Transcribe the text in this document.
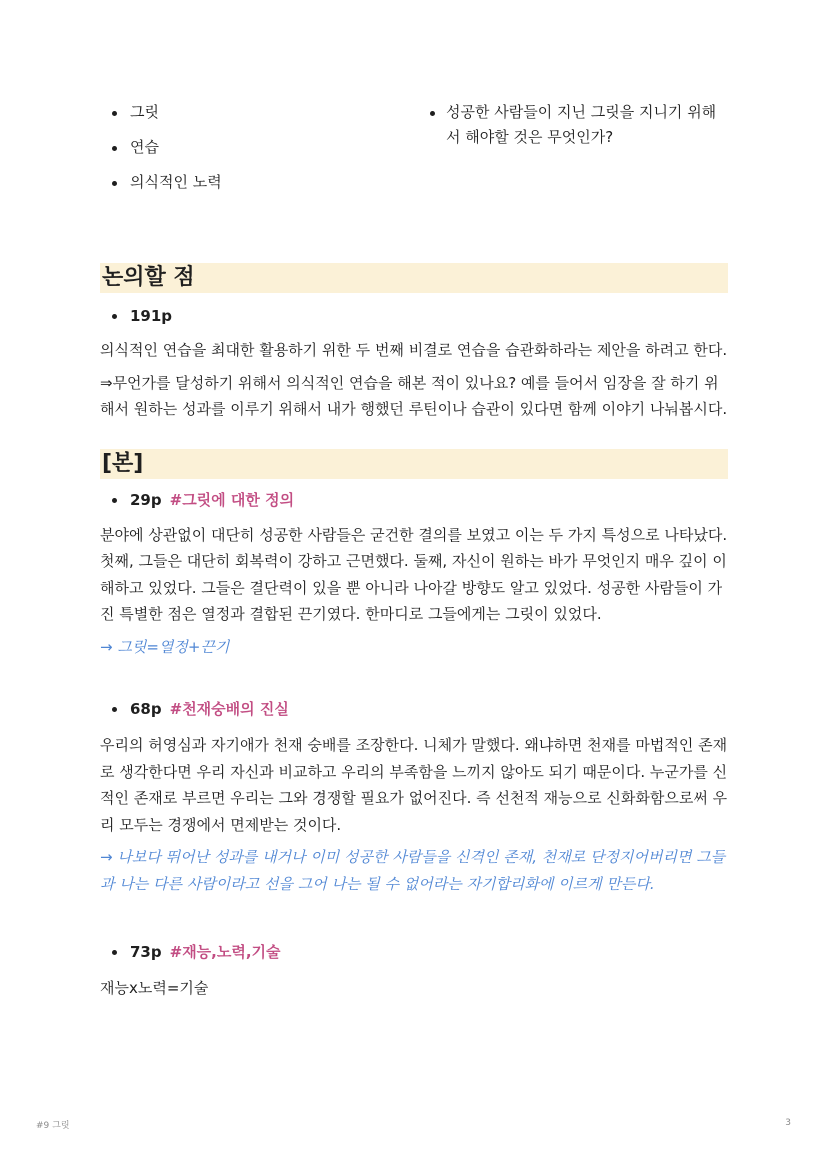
그릿
연습
의식적인 노력
성공한 사람들이 지닌 그릿을 지니기 위해서 해야할 것은 무엇인가?
논의할 점
191p

의식적인 연습을 최대한 활용하기 위한 두 번째 비결로 연습을 습관화하라는 제안을 하려고 한다.

⇒무언가를 달성하기 위해서 의식적인 연습을 해본 적이 있나요? 예를 들어서 임장을 잘 하기 위해서 원하는 성과를 이루기 위해서 내가 행했던 루틴이나 습관이 있다면 함께 이야기 나눠봅시다.

[본]
29p #그릿에 대한 정의

분야에 상관없이 대단히 성공한 사람들은 굳건한 결의를 보였고 이는 두 가지 특성으로 나타났다. 첫째, 그들은 대단히 회복력이 강하고 근면했다. 둘째, 자신이 원하는 바가 무엇인지 매우 깊이 이해하고 있었다. 그들은 결단력이 있을 뿐 아니라 나아갈 방향도 알고 있었다. 성공한 사람들이 가진 특별한 점은 열정과 결합된 끈기였다. 한마디로 그들에게는 그릿이 있었다.

→ 그릿=열정+끈기

68p #천재숭배의 진실

우리의 허영심과 자기애가 천재 숭배를 조장한다. 니체가 말했다. 왜냐하면 천재를 마법적인 존재로 생각한다면 우리 자신과 비교하고 우리의 부족함을 느끼지 않아도 되기 때문이다. 누군가를 신적인 존재로 부르면 우리는 그와 경쟁할 필요가 없어진다. 즉 선천적 재능으로 신화화함으로써 우리 모두는 경쟁에서 면제받는 것이다.

→ 나보다 뛰어난 성과를 내거나 이미 성공한 사람들을 신격인 존재, 천재로 단정지어버리면 그들과 나는 다른 사람이라고 선을 그어 나는 될 수 없어라는 자기합리화에 이르게 만든다.

73p #재능,노력,기술

재능x노력=기술

#9 그릿	3
